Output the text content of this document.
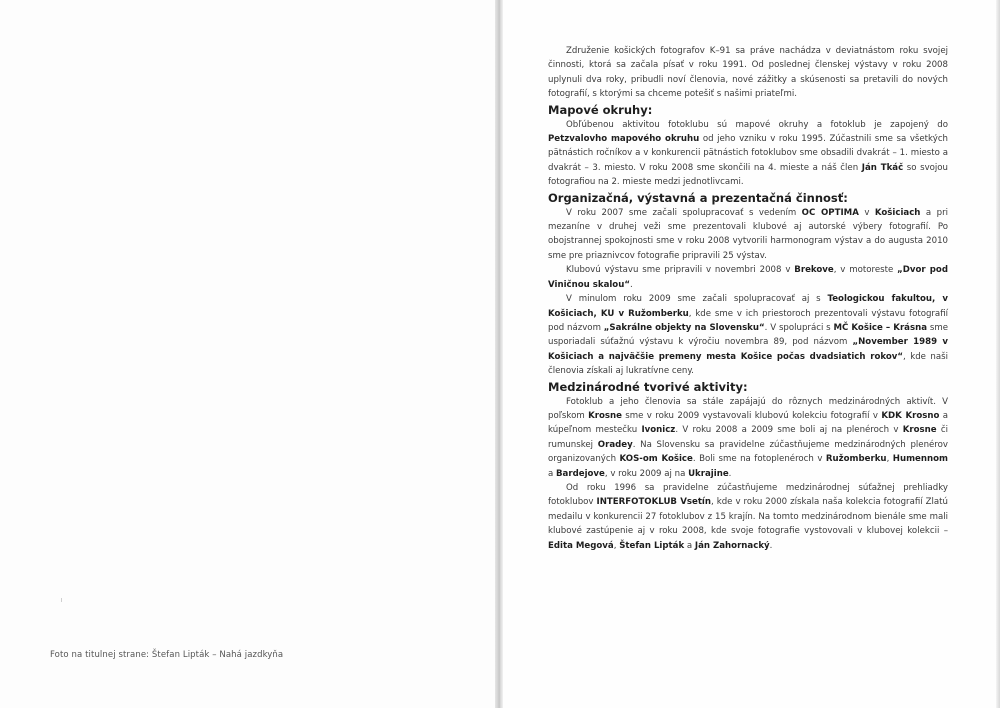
Foto na titulnej strane: Štefan Lipták – Nahá jazdkyňa

Združenie košických fotografov K–91 sa práve nachádza v deviatnástom roku svojej činnosti, ktorá sa začala písať v roku 1991. Od poslednej členskej výstavy v roku 2008 uplynuli dva roky, pribudli noví členovia, nové zážitky a skúsenosti sa pretavili do nových fotografií, s ktorými sa chceme potešiť s našimi priateľmi.

Mapové okruhy:

Obľúbenou aktivitou fotoklubu sú mapové okruhy a fotoklub je zapojený do Petzvalovho mapového okruhu od jeho vzniku v roku 1995. Zúčastnili sme sa všetkých pätnástich ročníkov a v konkurencii pätnástich fotoklubov sme obsadili dvakrát – 1. miesto a dvakrát – 3. miesto. V roku 2008 sme skončili na 4. mieste a náš člen Ján Tkáč so svojou fotografiou na 2. mieste medzi jednotlivcami.

Organizačná, výstavná a prezentačná činnosť:

V roku 2007 sme začali spolupracovať s vedením OC OPTIMA v Košiciach a pri mezaníne v druhej veži sme prezentovali klubové aj autorské výbery fotografií. Po obojstrannej spokojnosti sme v roku 2008 vytvorili harmonogram výstav a do augusta 2010 sme pre priaznivcov fotografie pripravili 25 výstav.

Klubovú výstavu sme pripravili v novembri 2008 v Brekove, v motoreste „Dvor pod Viničnou skalou“.

V minulom roku 2009 sme začali spolupracovať aj s Teologickou fakultou, v Košiciach, KU v Ružomberku, kde sme v ich priestoroch prezentovali výstavu fotografií pod názvom „Sakrálne objekty na Slovensku“. V spolupráci s MČ Košice – Krásna sme usporiadali súťažnú výstavu k výročiu novembra 89, pod názvom „November 1989 v Košiciach a najväčšie premeny mesta Košice počas dvadsiatich rokov“, kde naši členovia získali aj lukratívne ceny.

Medzinárodné tvorivé aktivity:

Fotoklub a jeho členovia sa stále zapájajú do rôznych medzinárodných aktivít. V poľskom Krosne sme v roku 2009 vystavovali klubovú kolekciu fotografií v KDK Krosno a kúpeľnom mestečku Ivonicz. V roku 2008 a 2009 sme boli aj na plenéroch v Krosne či rumunskej Oradey. Na Slovensku sa pravidelne zúčastňujeme medzinárodných plenérov organizovaných KOS-om Košice. Boli sme na fotoplenéroch v Ružomberku, Humennom a Bardejove, v roku 2009 aj na Ukrajine.

Od roku 1996 sa pravidelne zúčastňujeme medzinárodnej súťažnej prehliadky fotoklubov INTERFOTOKLUB Vsetín, kde v roku 2000 získala naša kolekcia fotografií Zlatú medailu v konkurencii 27 fotoklubov z 15 krajín. Na tomto medzinárodnom bienále sme mali klubové zastúpenie aj v roku 2008, kde svoje fotografie vystovovali v klubovej kolekcii – Edita Megová, Štefan Lipták a Ján Zahornacký.
